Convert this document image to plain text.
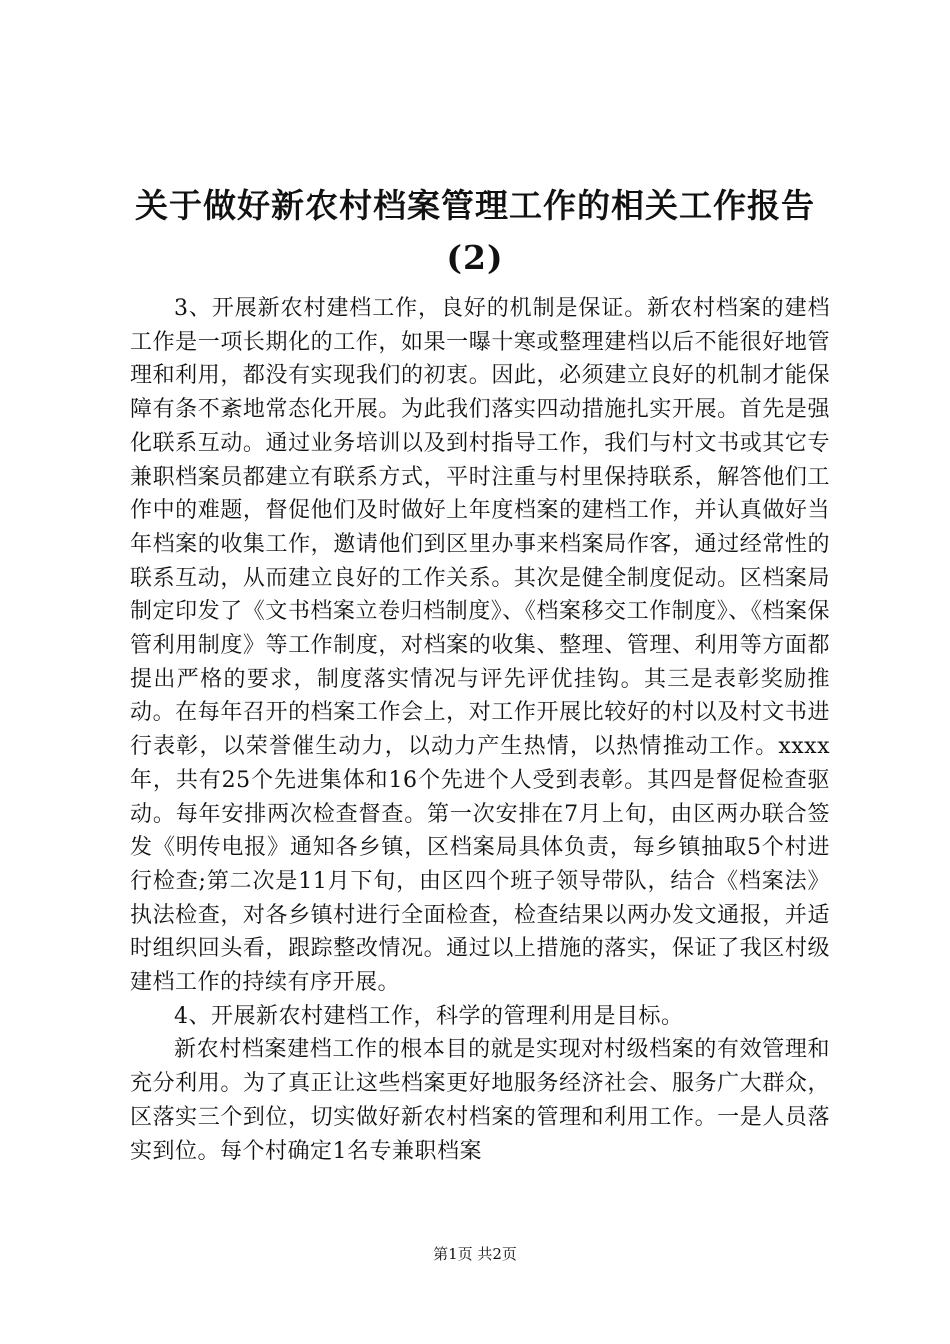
关于做好新农村档案管理工作的相关工作报告(2)

3、开展新农村建档工作，良好的机制是保证。新农村档案的建档工作是一项长期化的工作，如果一曝十寒或整理建档以后不能很好地管理和利用，都没有实现我们的初衷。因此，必须建立良好的机制才能保障有条不紊地常态化开展。为此我们落实四动措施扎实开展。首先是强化联系互动。通过业务培训以及到村指导工作，我们与村文书或其它专兼职档案员都建立有联系方式，平时注重与村里保持联系，解答他们工作中的难题，督促他们及时做好上年度档案的建档工作，并认真做好当年档案的收集工作，邀请他们到区里办事来档案局作客，通过经常性的联系互动，从而建立良好的工作关系。其次是健全制度促动。区档案局制定印发了《文书档案立卷归档制度》、《档案移交工作制度》、《档案保管利用制度》等工作制度，对档案的收集、整理、管理、利用等方面都提出严格的要求，制度落实情况与评先评优挂钩。其三是表彰奖励推动。在每年召开的档案工作会上，对工作开展比较好的村以及村文书进行表彰，以荣誉催生动力，以动力产生热情，以热情推动工作。xxxx年，共有25个先进集体和16个先进个人受到表彰。其四是督促检查驱动。每年安排两次检查督查。第一次安排在7月上旬，由区两办联合签发《明传电报》通知各乡镇，区档案局具体负责，每乡镇抽取5个村进行检查;第二次是11月下旬，由区四个班子领导带队，结合《档案法》执法检查，对各乡镇村进行全面检查，检查结果以两办发文通报，并适时组织回头看，跟踪整改情况。通过以上措施的落实，保证了我区村级建档工作的持续有序开展。

4、开展新农村建档工作，科学的管理利用是目标。

新农村档案建档工作的根本目的就是实现对村级档案的有效管理和充分利用。为了真正让这些档案更好地服务经济社会、服务广大群众，区落实三个到位，切实做好新农村档案的管理和利用工作。一是人员落实到位。每个村确定1名专兼职档案

第1页 共2页
